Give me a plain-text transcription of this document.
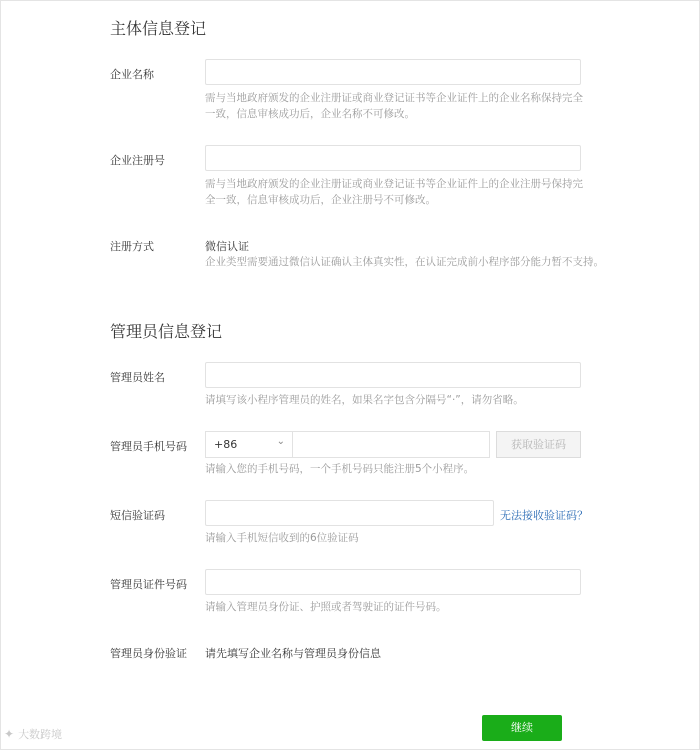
主体信息登记
企业名称
需与当地政府颁发的企业注册证或商业登记证书等企业证件上的企业名称保持完全一致，信息审核成功后，企业名称不可修改。
企业注册号
需与当地政府颁发的企业注册证或商业登记证书等企业证件上的企业注册号保持完全一致，信息审核成功后，企业注册号不可修改。
注册方式	微信认证
企业类型需要通过微信认证确认主体真实性，在认证完成前小程序部分能力暂不支持。
管理员信息登记
管理员姓名
请填写该小程序管理员的姓名，如果名字包含分隔号“·”，请勿省略。
管理员手机号码 +86	⌄	获取验证码
请输入您的手机号码，一个手机号码只能注册5个小程序。
短信验证码	无法接收验证码？
请输入手机短信收到的6位验证码
管理员证件号码
请输入管理员身份证、护照或者驾驶证的证件号码。
管理员身份验证 请先填写企业名称与管理员身份信息
继续
✦ 大数跨境
